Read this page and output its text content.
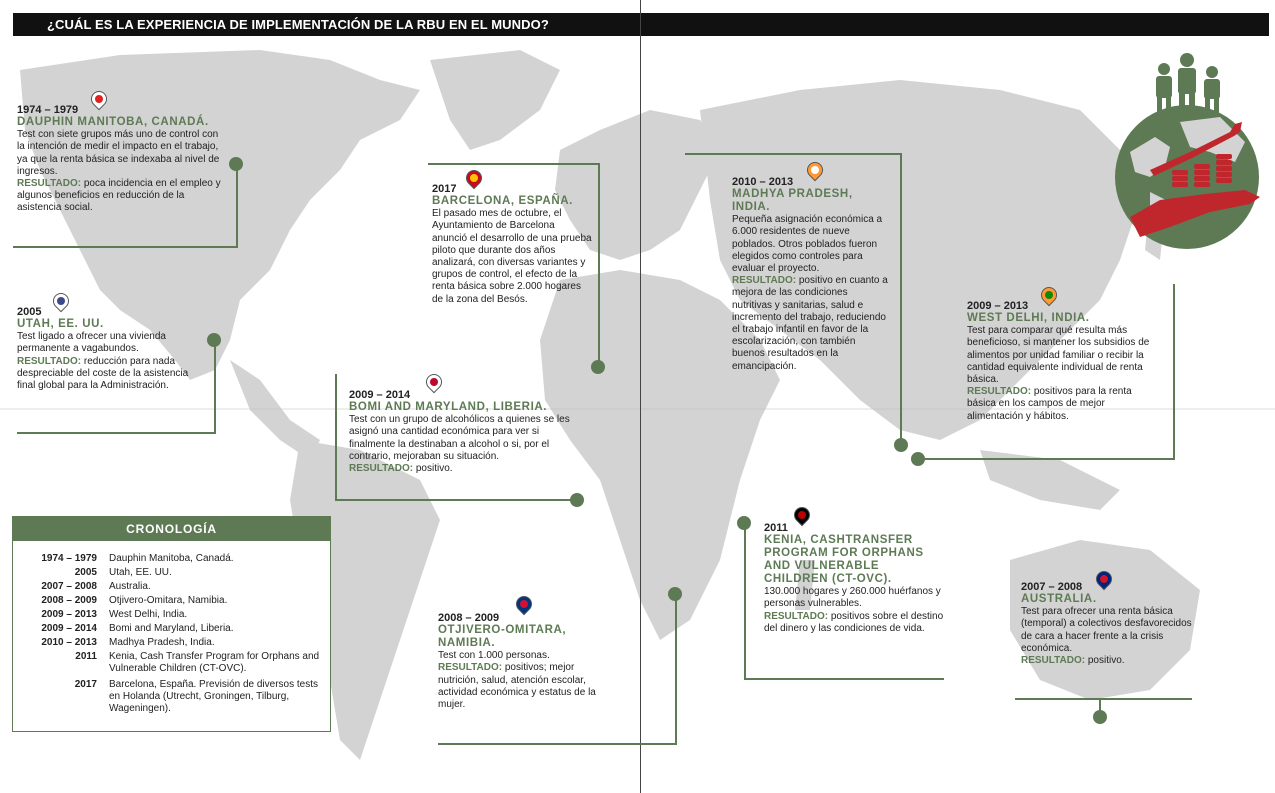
¿CUÁL ES LA EXPERIENCIA DE IMPLEMENTACIÓN DE LA RBU EN EL MUNDO?
1974 – 1979
DAUPHIN MANITOBA, CANADÁ.
Test con siete grupos más uno de control con la intención de medir el impacto en el trabajo, ya que la renta básica se indexaba al nivel de ingresos.
RESULTADO: poca incidencia en el empleo y algunos beneficios en reducción de la asistencia social.
2005
UTAH, EE. UU.
Test ligado a ofrecer una vivienda permanente a vagabundos.
RESULTADO: reducción para nada despreciable del coste de la asistencia final global para la Administración.
2017
BARCELONA, ESPAÑA.
El pasado mes de octubre, el Ayuntamiento de Barcelona anunció el desarrollo de una prueba piloto que durante dos años analizará, con diversas variantes y grupos de control, el efecto de la renta básica sobre 2.000 hogares de la zona del Besós.
2009 – 2014
BOMI AND MARYLAND, LIBERIA.
Test con un grupo de alcohólicos a quienes se les asignó una cantidad económica para ver si finalmente la destinaban a alcohol o si, por el contrario, mejoraban su situación.
RESULTADO: positivo.
2008 – 2009
OTJIVERO-OMITARA, NAMIBIA.
Test con 1.000 personas.
RESULTADO: positivos; mejor nutrición, salud, atención escolar, actividad económica y estatus de la mujer.
2010 – 2013
MADHYA PRADESH, INDIA.
Pequeña asignación económica a 6.000 residentes de nueve poblados. Otros poblados fueron elegidos como controles para evaluar el proyecto.
RESULTADO: positivo en cuanto a mejora de las condiciones nutritivas y sanitarias, salud e incremento del trabajo, reduciendo el trabajo infantil en favor de la escolarización, con también buenos resultados en la emancipación.
2009 – 2013
WEST DELHI, INDIA.
Test para comparar qué resulta más beneficioso, si mantener los subsidios de alimentos por unidad familiar o recibir la cantidad equivalente individual de renta básica.
RESULTADO: positivos para la renta básica en los campos de mejor alimentación y hábitos.
2011
KENIA, CASHTRANSFER PROGRAM FOR ORPHANS AND VULNERABLE CHILDREN (CT-OVC).
130.000 hogares y 260.000 huérfanos y personas vulnerables.
RESULTADO: positivos sobre el destino del dinero y las condiciones de vida.
2007 – 2008
AUSTRALIA.
Test para ofrecer una renta básica (temporal) a colectivos desfavorecidos de cara a hacer frente a la crisis económica.
RESULTADO: positivo.
CRONOLOGÍA
1974 – 1979 Dauphin Manitoba, Canadá.
2005 Utah, EE. UU.
2007 – 2008 Australia.
2008 – 2009 Otjivero-Omitara, Namibia.
2009 – 2013 West Delhi, India.
2009 – 2014 Bomi and Maryland, Liberia.
2010 – 2013 Madhya Pradesh, India.
2011 Kenia, Cash Transfer Program for Orphans and Vulnerable Children (CT-OVC).
2017 Barcelona, España. Previsión de diversos tests en Holanda (Utrecht, Groningen, Tilburg, Wageningen).
